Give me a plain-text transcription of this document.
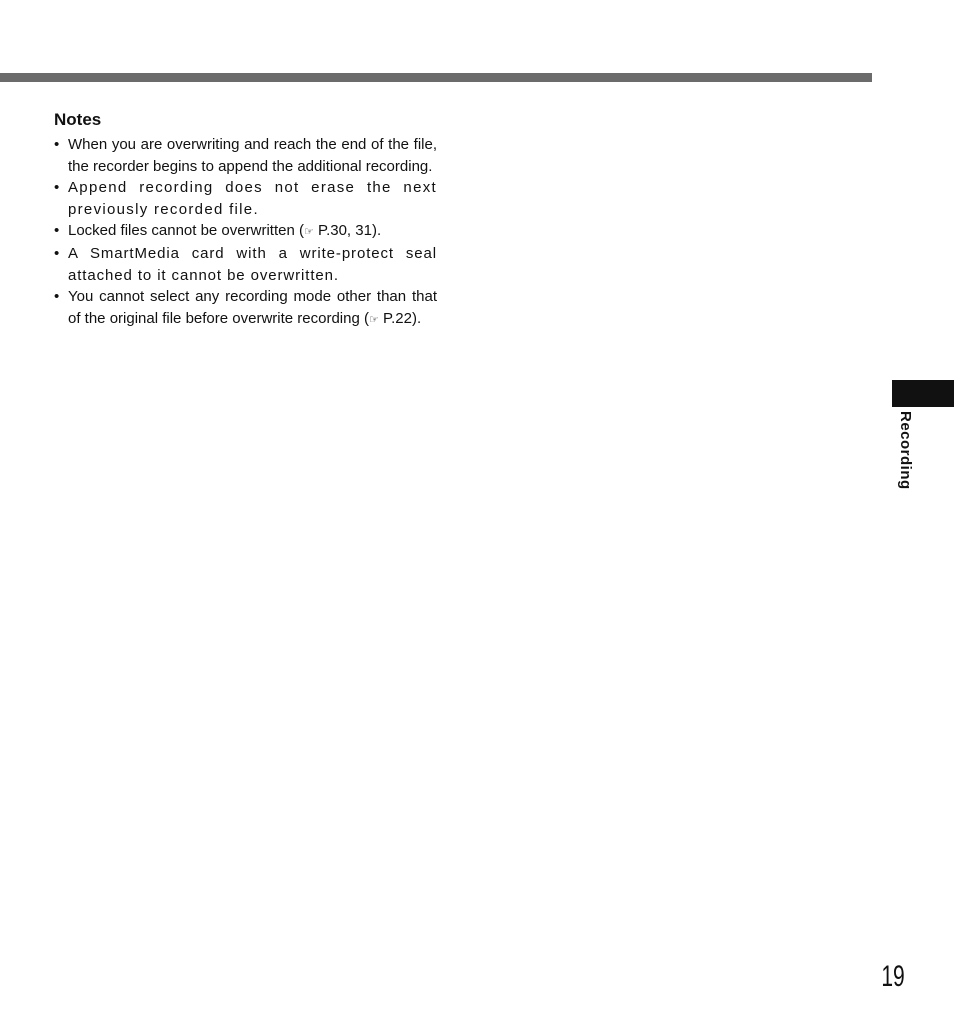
Notes
• When you are overwriting and reach the end of the file, the recorder begins to append the additional recording.
• Append recording does not erase the next previously recorded file.
• Locked files cannot be overwritten (☞ P.30, 31).
• A SmartMedia card with a write-protect seal attached to it cannot be overwritten.
• You cannot select any recording mode other than that of the original file before overwrite recording (☞ P.22).
Recording
19
